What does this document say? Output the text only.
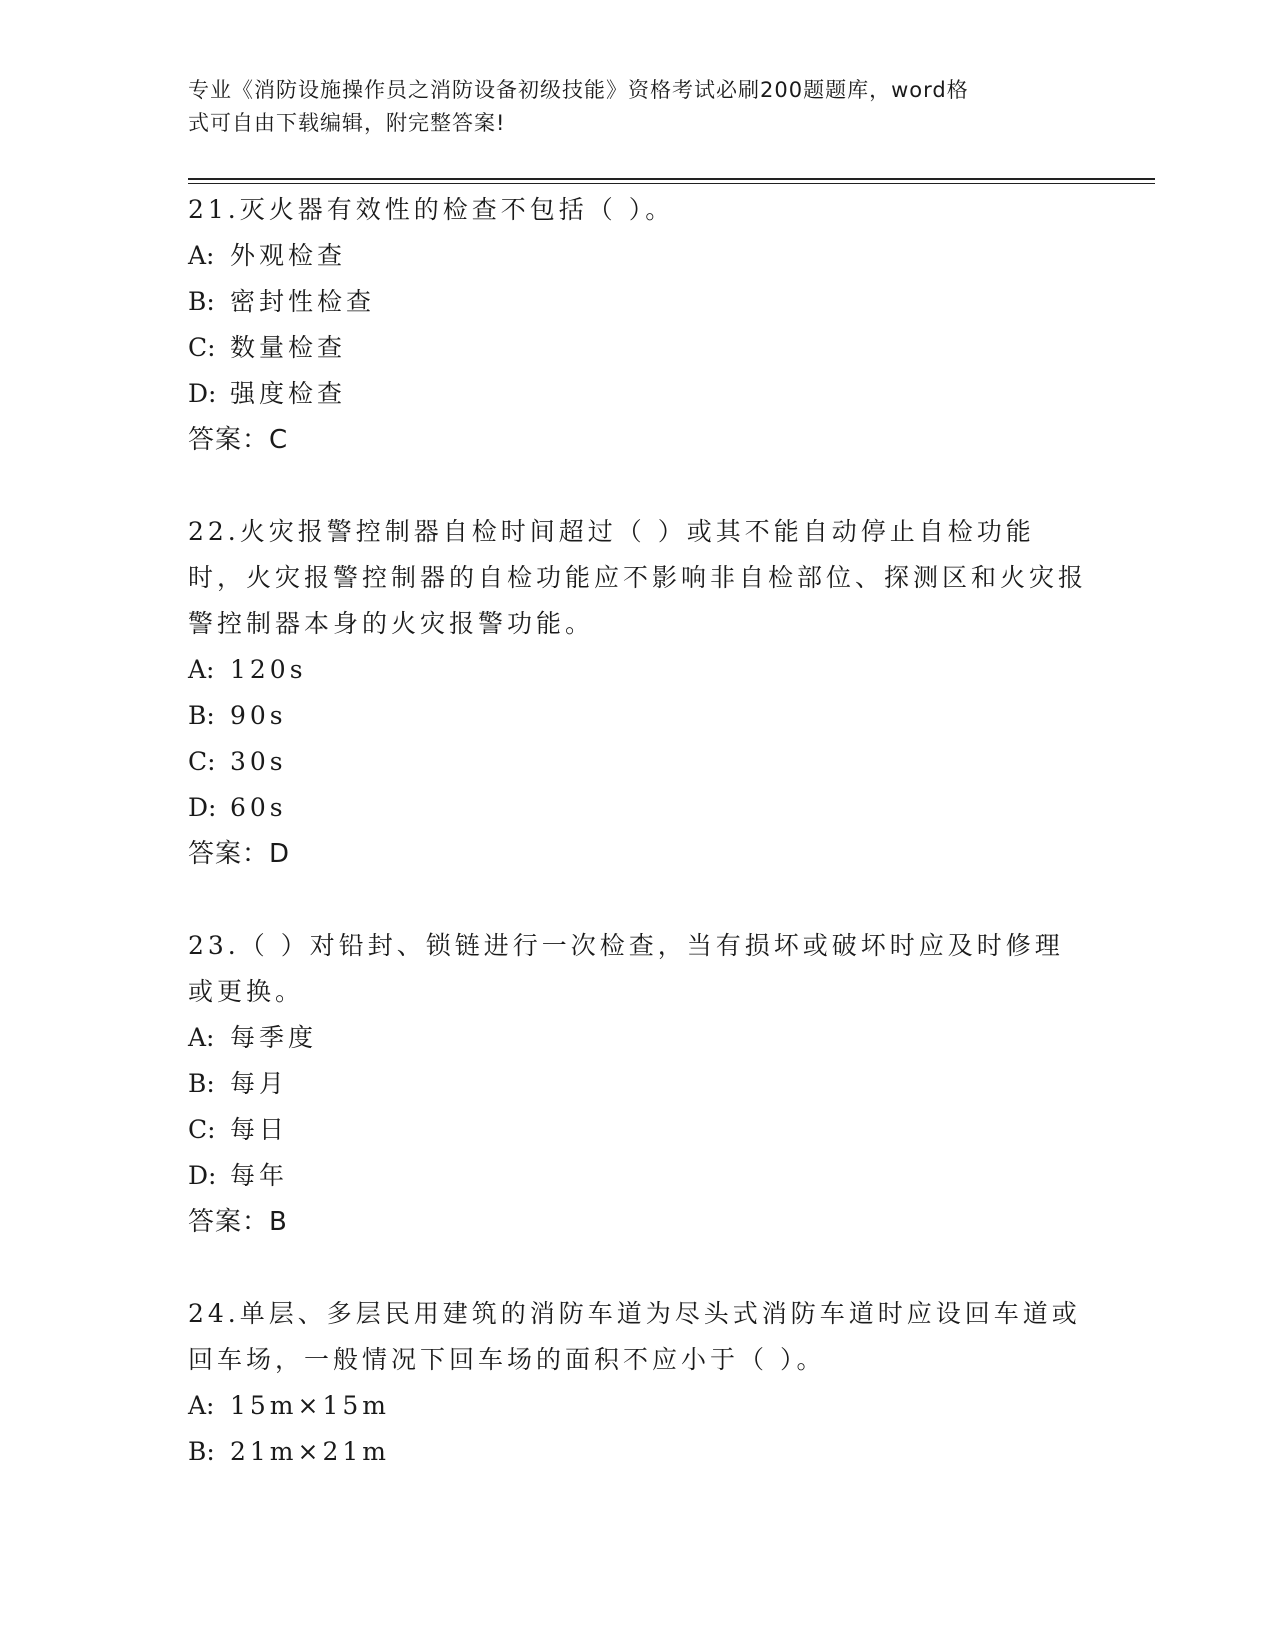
专业《消防设施操作员之消防设备初级技能》资格考试必刷200题题库，word格
式可自由下载编辑，附完整答案!

21.灭火器有效性的检查不包括（ ）。

A: 外观检查

B: 密封性检查

C: 数量检查

D: 强度检查

答案：C

22.火灾报警控制器自检时间超过（ ）或其不能自动停止自检功能时，火灾报警控制器的自检功能应不影响非自检部位、探测区和火灾报警控制器本身的火灾报警功能。

A: 120s

B: 90s

C: 30s

D: 60s

答案：D

23.（ ）对铅封、锁链进行一次检查，当有损坏或破坏时应及时修理或更换。

A: 每季度

B: 每月

C: 每日

D: 每年

答案：B

24.单层、多层民用建筑的消防车道为尽头式消防车道时应设回车道或回车场，一般情况下回车场的面积不应小于（ ）。

A: 15m×15m

B: 21m×21m
